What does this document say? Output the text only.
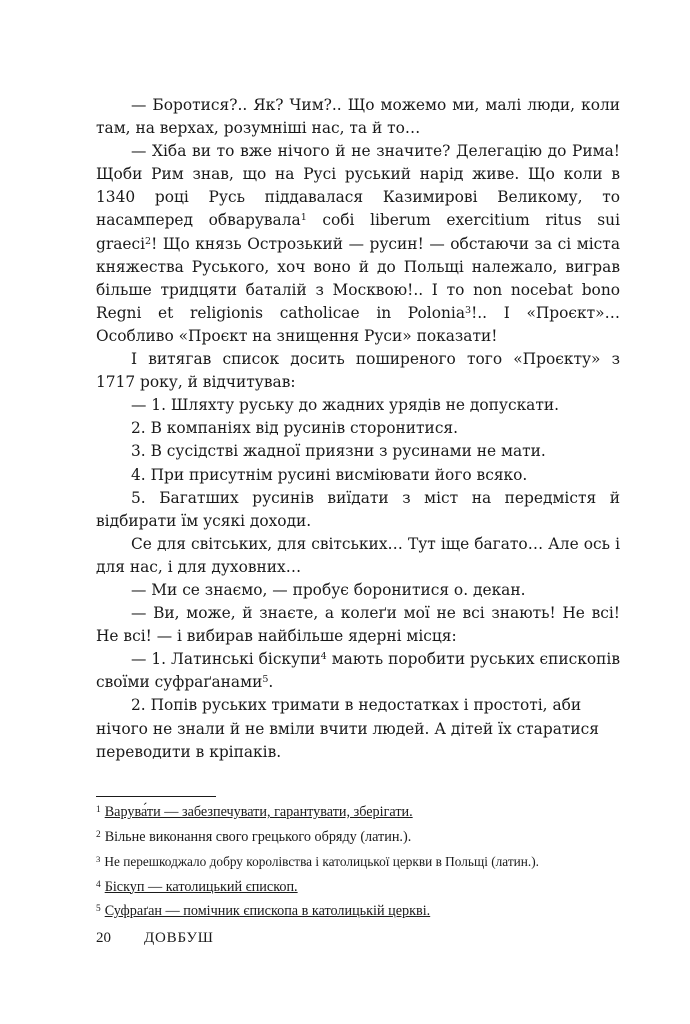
— Боротися?.. Як? Чим?.. Що можемо ми, малі люди, коли там, на верхах, розумніші нас, та й то…

— Хіба ви то вже нічого й не значите? Делегацію до Рима! Щоби Рим знав, що на Русі руський нарід живе. Що коли в 1340 році Русь піддавалася Казимирові Великому, то насамперед обварувала$^1$ собі liberum exercitium ritus sui graeci$^2$! Що князь Острозький — русин! — обстаючи за сі міста княжества Руського, хоч воно й до Польщі належало, виграв більше тридцяти баталій з Москвою!.. І то non nocebat bono Regni et religionis catholicae in Polonia$^3$!.. І «Проєкт»… Особливо «Проєкт на знищення Руси» показати!

І витягав список досить поширеного того «Проєкту» з 1717 року, й відчитував:

— 1. Шляхту руську до жадних урядів не допускати.

2. В компаніях від русинів сторонитися.

3. В сусідстві жадної приязни з русинами не мати.

4. При присутнім русині висміювати його всяко.

5. Багатших русинів виїдати з міст на передмістя й відбирати їм усякі доходи.

Се для світських, для світських… Тут іще багато… Але ось і для нас, і для духовних…

— Ми се знаємо, — пробує боронитися о. декан.

— Ви, може, й знаєте, а колеґи мої не всі знають! Не всі! Не всі! — і вибирав найбільше ядерні місця:

— 1. Латинські біскупи$^4$ мають поробити руських єпископів своїми суфраґанами$^5$.

2. Попів руських тримати в недостатках і простоті, аби нічого не знали й не вміли вчити людей. А дітей їх старатися переводити в кріпаків.

$^1$ Варува́ти — забезпечувати, гарантувати, зберігати.
$^2$ Вільне виконання свого грецького обряду (латин.).
$^3$ Не перешкоджало добру королівства і католицької церкви в Польщі (латин.).
$^4$ Біскуп — католицький єпископ.
$^5$ Суфраґан — помічник єпископа в католицькій церкві.
20 ДОВБУШ
